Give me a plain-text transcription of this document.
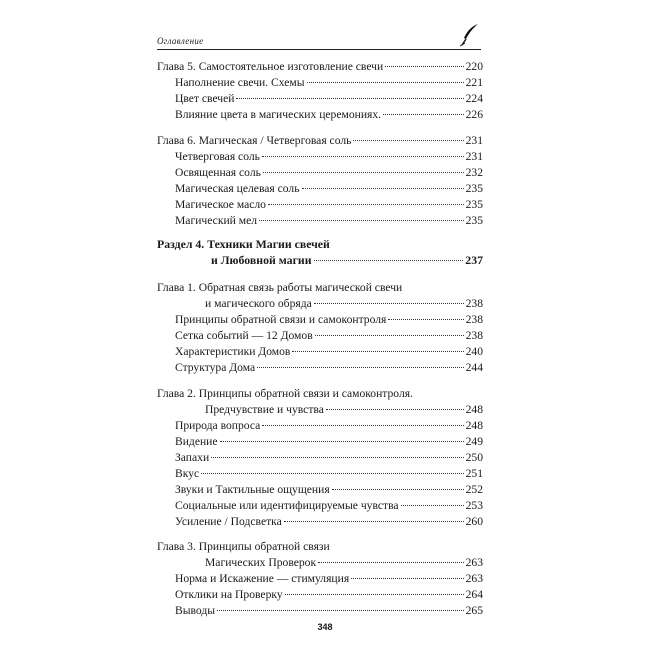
Оглавление
Глава 5. Самостоятельное изготовление свечи	220
Наполнение свечи. Схемы	221
Цвет свечей	224
Влияние цвета в магических церемониях.	226
Глава 6. Магическая / Четверговая соль	231
Четверговая соль	231
Освященная соль	232
Магическая целевая соль	235
Магическое масло	235
Магический мел	235
Раздел 4. Техники Магии свечей
и Любовной магии	237
Глава 1. Обратная связь работы магической свечи
и магического обряда	238
Принципы обратной связи и самоконтроля	238
Сетка событий — 12 Домов	238
Характеристики Домов	240
Структура Дома	244
Глава 2. Принципы обратной связи и самоконтроля.
Предчувствие и чувства	248
Природа вопроса	248
Видение	249
Запахи	250
Вкус	251
Звуки и Тактильные ощущения	252
Социальные или идентифицируемые чувства	253
Усиление / Подсветка	260
Глава 3. Принципы обратной связи
Магических Проверок	263
Норма и Искажение — стимуляция	263
Отклики на Проверку	264
Выводы	265
348
